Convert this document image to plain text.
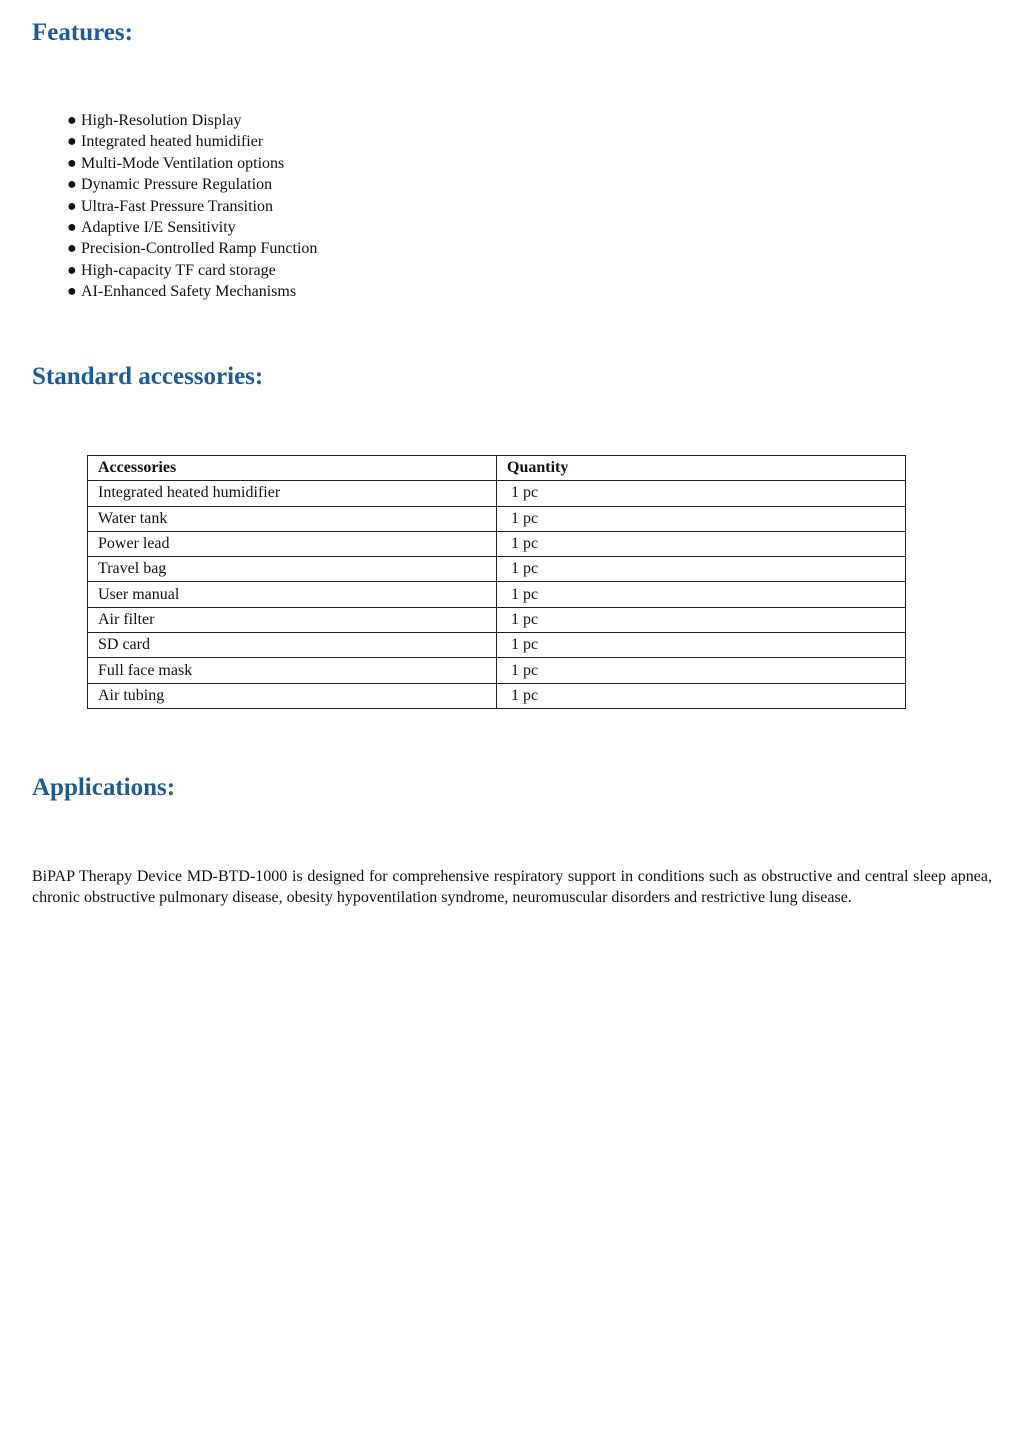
Features:
● High-Resolution Display
● Integrated heated humidifier
● Multi-Mode Ventilation options
● Dynamic Pressure Regulation
● Ultra-Fast Pressure Transition
● Adaptive I/E Sensitivity
● Precision-Controlled Ramp Function
● High-capacity TF card storage
● AI-Enhanced Safety Mechanisms
Standard accessories:
Accessories	Quantity
Integrated heated humidifier	1 pc
Water tank	1 pc
Power lead	1 pc
Travel bag	1 pc
User manual	1 pc
Air filter	1 pc
SD card	1 pc
Full face mask	1 pc
Air tubing	1 pc
Applications:

BiPAP Therapy Device MD-BTD-1000 is designed for comprehensive respiratory support in conditions such as obstructive and central sleep apnea, chronic obstructive pulmonary disease, obesity hypoventilation syndrome, neuromuscular disorders and restrictive lung disease.
